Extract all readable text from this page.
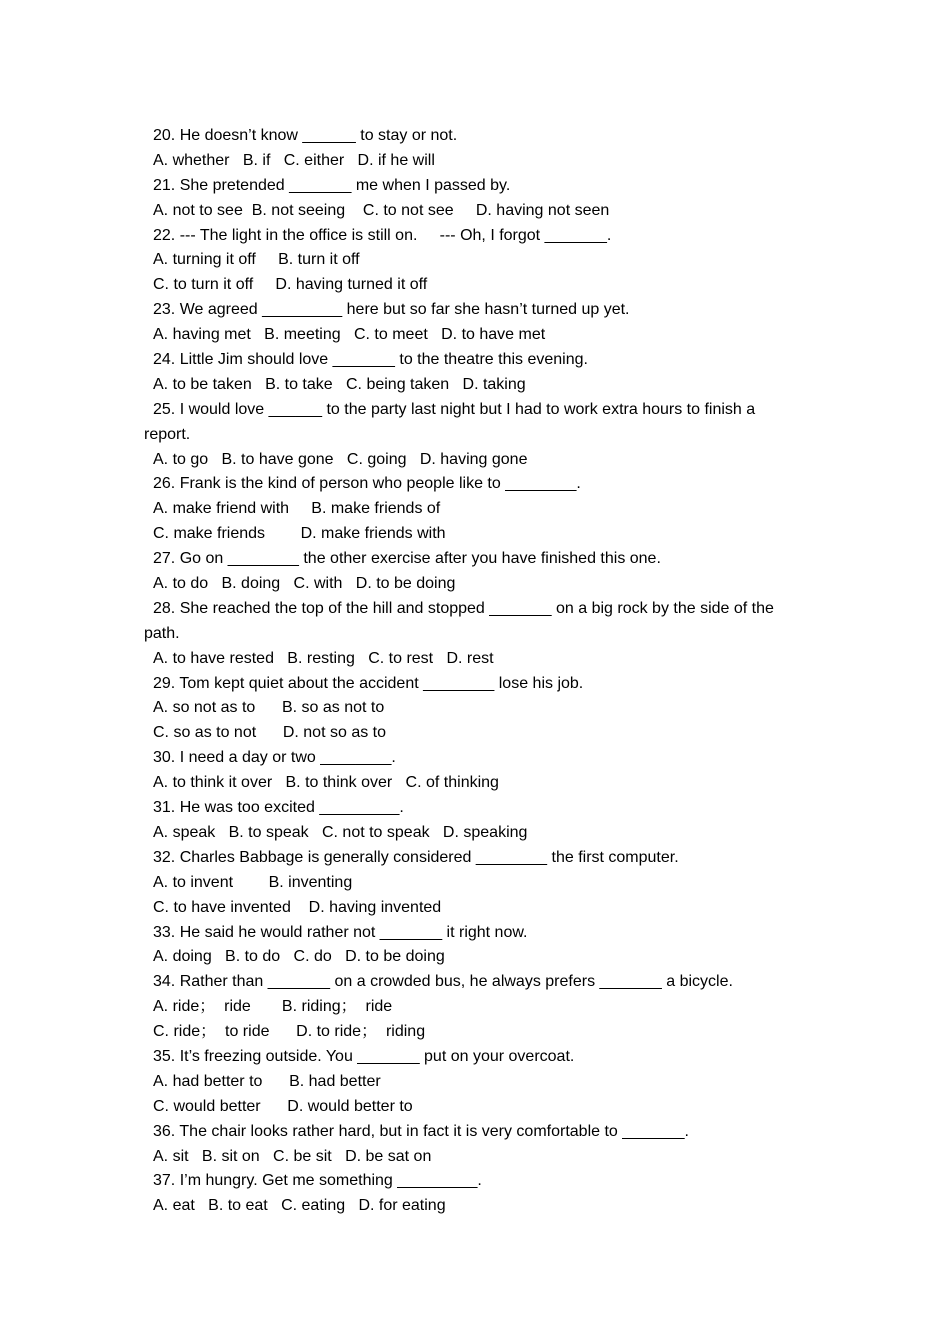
20. He doesn’t know ______ to stay or not.
A. whether   B. if   C. either   D. if he will
21. She pretended _______ me when I passed by.
A. not to see  B. not seeing    C. to not see     D. having not seen
22. --- The light in the office is still on.     --- Oh, I forgot _______.
A. turning it off     B. turn it off
C. to turn it off     D. having turned it off
23. We agreed _________ here but so far she hasn’t turned up yet.
A. having met   B. meeting   C. to meet   D. to have met
24. Little Jim should love _______ to the theatre this evening.
A. to be taken   B. to take   C. being taken   D. taking
25. I would love ______ to the party last night but I had to work extra hours to finish a
report.
A. to go   B. to have gone   C. going   D. having gone
26. Frank is the kind of person who people like to ________.
A. make friend with     B. make friends of
C. make friends        D. make friends with
27. Go on ________ the other exercise after you have finished this one.
A. to do   B. doing   C. with   D. to be doing
28. She reached the top of the hill and stopped _______ on a big rock by the side of the
path.
A. to have rested   B. resting   C. to rest   D. rest
29. Tom kept quiet about the accident ________ lose his job.
A. so not as to      B. so as not to
C. so as to not      D. not so as to
30. I need a day or two ________.
A. to think it over   B. to think over   C. of thinking
31. He was too excited _________.
A. speak   B. to speak   C. not to speak   D. speaking
32. Charles Babbage is generally considered ________ the first computer.
A. to invent        B. inventing
C. to have invented    D. having invented
33. He said he would rather not _______ it right now.
A. doing   B. to do   C. do   D. to be doing
34. Rather than _______ on a crowded bus, he always prefers _______ a bicycle.
A. ride；  ride       B. riding；  ride
C. ride；  to ride      D. to ride；  riding
35. It’s freezing outside. You _______ put on your overcoat.
A. had better to      B. had better
C. would better      D. would better to
36. The chair looks rather hard, but in fact it is very comfortable to _______.
A. sit   B. sit on   C. be sit   D. be sat on
37. I’m hungry. Get me something _________.
A. eat   B. to eat   C. eating   D. for eating
